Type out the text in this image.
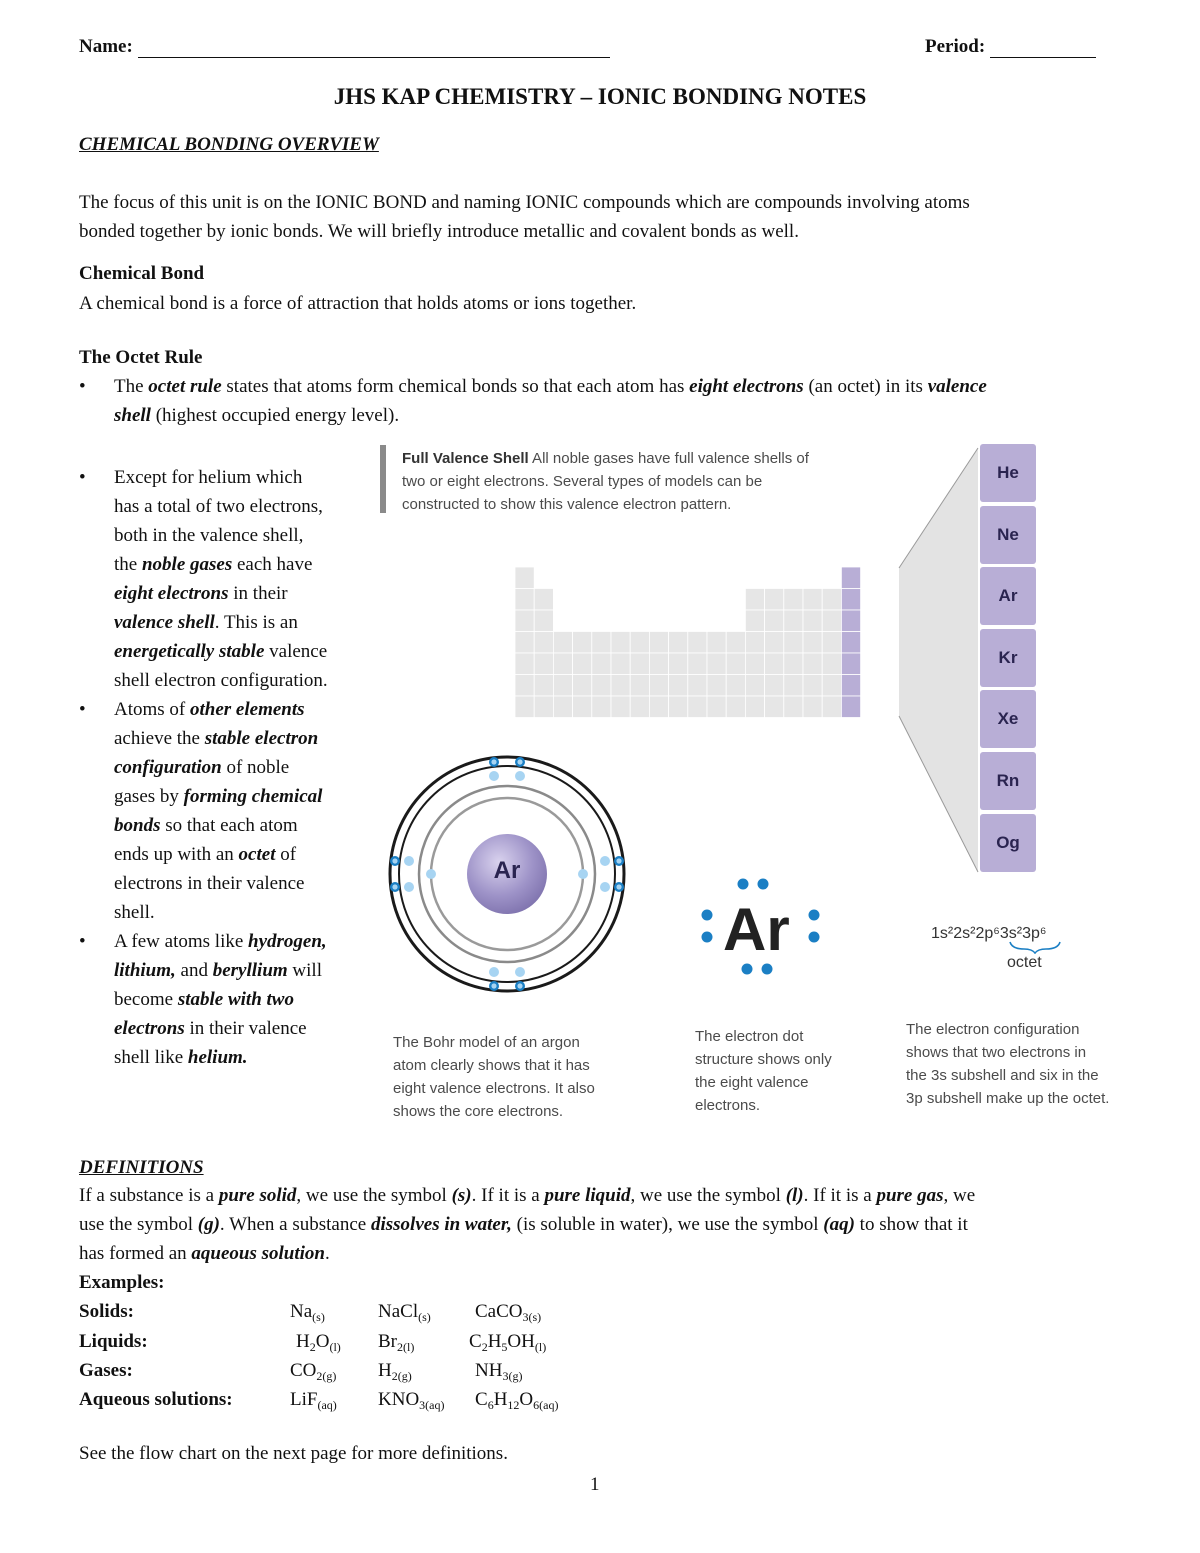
Name:	Period:
JHS KAP CHEMISTRY – IONIC BONDING NOTES
CHEMICAL BONDING OVERVIEW
The focus of this unit is on the IONIC BOND and naming IONIC compounds which are compounds involving atoms
bonded together by ionic bonds. We will briefly introduce metallic and covalent bonds as well.
Chemical Bond
A chemical bond is a force of attraction that holds atoms or ions together.
The Octet Rule
• The octet rule states that atoms form chemical bonds so that each atom has eight electrons (an octet) in its valence
shell (highest occupied energy level).
• Except for helium which
has a total of two electrons,
both in the valence shell,
the noble gases each have
eight electrons in their
valence shell. This is an
energetically stable valence
shell electron configuration.
• Atoms of other elements
achieve the stable electron
configuration of noble
gases by forming chemical
bonds so that each atom
ends up with an octet of
electrons in their valence
shell.
• A few atoms like hydrogen,
lithium, and beryllium will
become stable with two
electrons in their valence
shell like helium.
Full Valence Shell All noble gases have full valence shells of
two or eight electrons. Several types of models can be
constructed to show this valence electron pattern.
He
Ne
Ar
Kr
Xe
Rn
Og
Ar
Ar	1s²2s²2p⁶3s²3p⁶
octet
The Bohr model of an argon
atom clearly shows that it has
eight valence electrons. It also
shows the core electrons.
The electron dot
structure shows only
the eight valence
electrons.
The electron configuration
shows that two electrons in
the 3s subshell and six in the
3p subshell make up the octet.
DEFINITIONS
If a substance is a pure solid, we use the symbol (s). If it is a pure liquid, we use the symbol (l). If it is a pure gas, we
use the symbol (g). When a substance dissolves in water, (is soluble in water), we use the symbol (aq) to show that it
has formed an aqueous solution.
Examples:
Solids:	$Na_{(s)}$	NaCl$_{(s)}$ CaCO$_{3(s)}$
Liquids:	$H_2O_{(l)}$ $Br_{2(l)}$	$C_2H_5OH_{(l)}$
Gases:	$CO_{2(g)}$ $H_{2(g)}$	$NH_{3(g)}$
Aqueous solutions:	LiF$_{(aq)}$ $KNO_{3(aq)}$ $C_6H_{12}O_{6(aq)}$
See the flow chart on the next page for more definitions.
1
